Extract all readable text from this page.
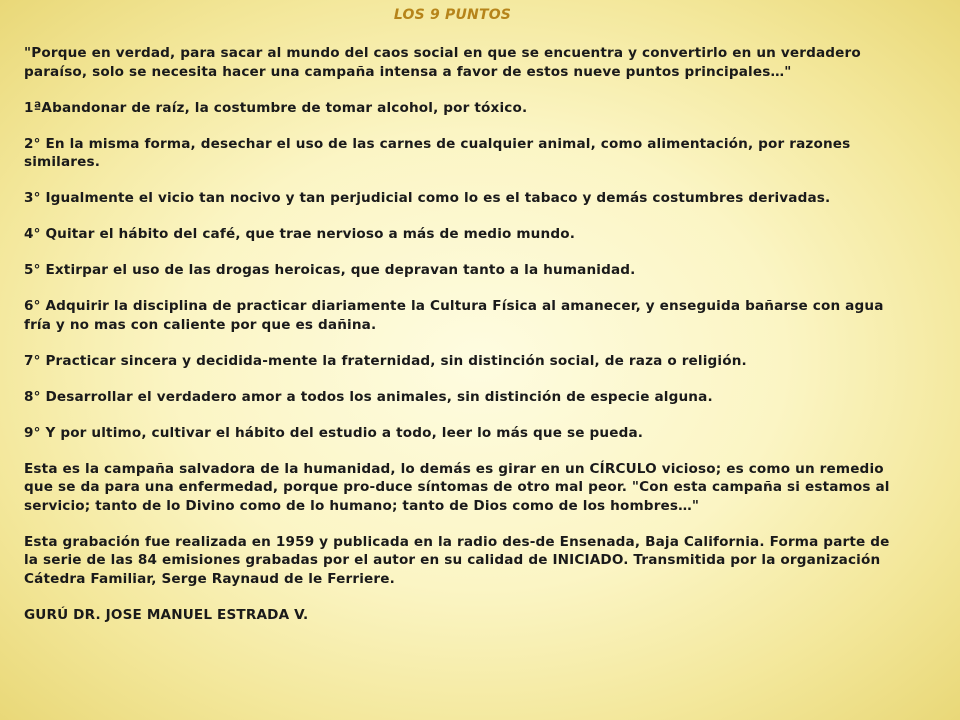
LOS 9 PUNTOS

"Porque en verdad, para sacar al mundo del caos social en que se encuentra y convertirlo en un verdadero paraíso, solo se necesita hacer una campaña intensa a favor de estos nueve puntos principales…"

1ªAbandonar de raíz, la costumbre de tomar alcohol, por tóxico.

2° En la misma forma, desechar el uso de las carnes de cualquier animal, como alimentación, por razones similares.

3° Igualmente el vicio tan nocivo y tan perjudicial como lo es el tabaco y demás costumbres derivadas.

4° Quitar el hábito del café, que trae nervioso a más de medio mundo.

5° Extirpar el uso de las drogas heroicas, que depravan tanto a la humanidad.

6° Adquirir la disciplina de practicar diariamente la Cultura Física al amanecer, y enseguida bañarse con agua fría y no mas con caliente por que es dañina.

7° Practicar sincera y decidida-mente la fraternidad, sin distinción social, de raza o religión.

8° Desarrollar el verdadero amor a todos los animales, sin distinción de especie alguna.

9° Y por ultimo, cultivar el hábito del estudio a todo, leer lo más que se pueda.

Esta es la campaña salvadora de la humanidad, lo demás es girar en un CÍRCULO vicioso; es como un remedio que se da para una enfermedad, porque pro-duce síntomas de otro mal peor. "Con esta campaña si estamos al servicio; tanto de lo Divino como de lo humano; tanto de Dios como de los hombres…"

Esta grabación fue realizada en 1959 y publicada en la radio des-de Ensenada, Baja California. Forma parte de la serie de las 84 emisiones grabadas por el autor en su calidad de INICIADO. Transmitida por la organización Cátedra Familiar, Serge Raynaud de le Ferriere.

GURÚ DR. JOSE MANUEL ESTRADA V.
